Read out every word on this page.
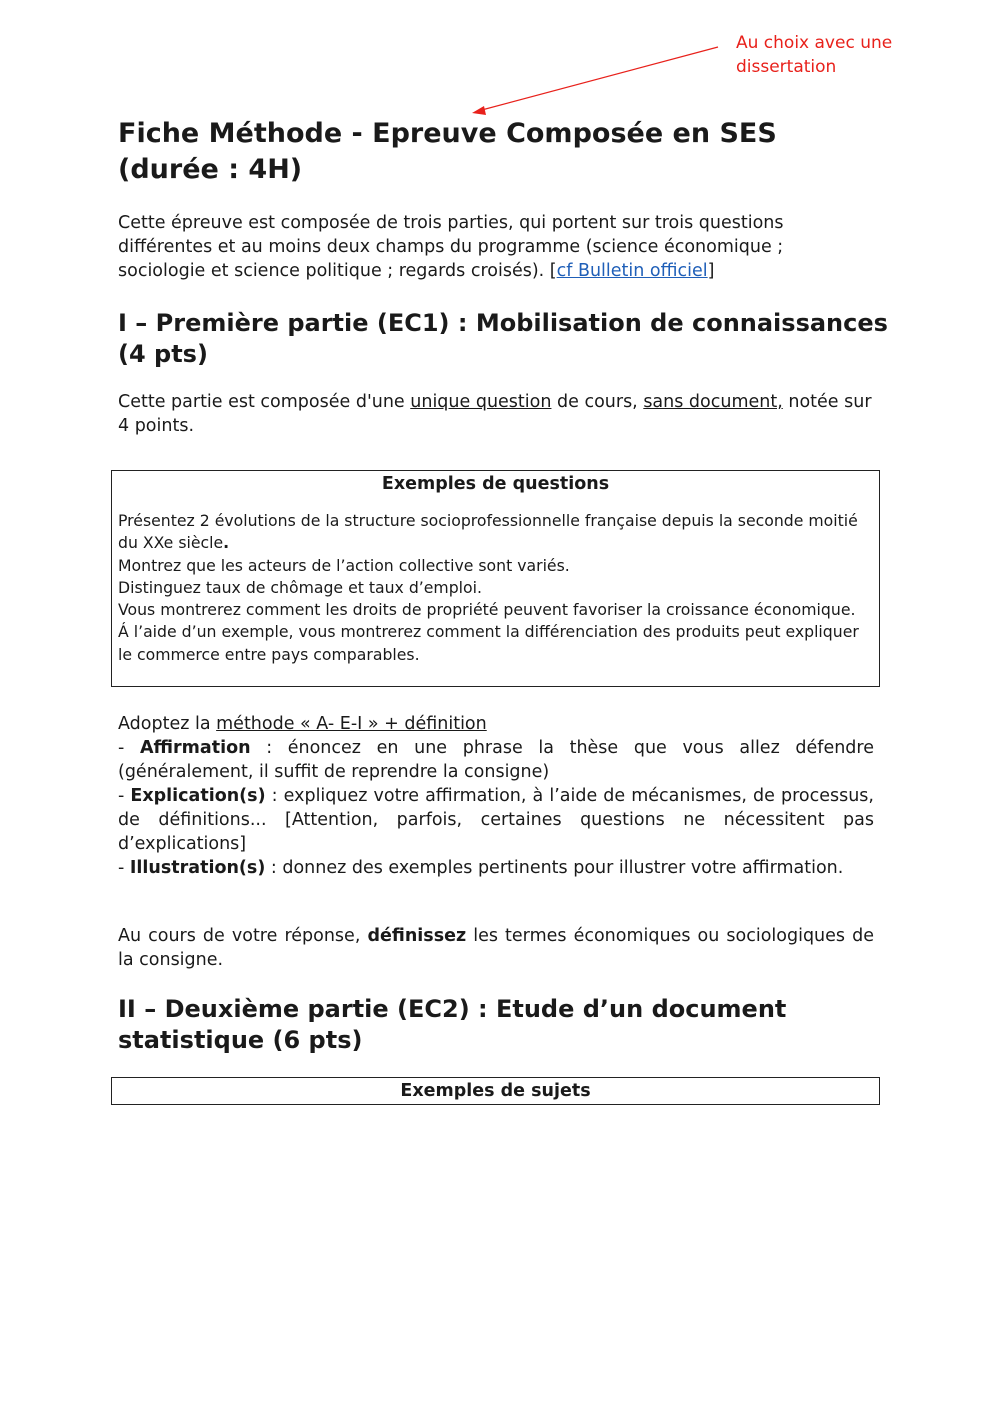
Au choix avec une
dissertation
Fiche Méthode - Epreuve Composée en SES
(durée : 4H)

Cette épreuve est composée de trois parties, qui portent sur trois questions différentes et au moins deux champs du programme (science économique ; sociologie et science politique ; regards croisés). [cf Bulletin officiel]

I – Première partie (EC1) : Mobilisation de connaissances (4 pts)

Cette partie est composée d'une unique question de cours, sans document, notée sur 4 points.

Adoptez la méthode « A- E-I » + définition

- Affirmation : énoncez en une phrase la thèse que vous allez défendre (généralement, il suffit de reprendre la consigne)
- Explication(s) : expliquez votre affirmation, à l’aide de mécanismes, de processus, de définitions... [Attention, parfois, certaines questions ne nécessitent pas d’explications]
- Illustration(s) : donnez des exemples pertinents pour illustrer votre affirmation.

Au cours de votre réponse, définissez les termes économiques ou sociologiques de la consigne.

II – Deuxième partie (EC2) : Etude d’un document statistique (6 pts)
Exemples de questions
Présentez 2 évolutions de la structure socioprofessionnelle française depuis la seconde moitié du XXe siècle.
Montrez que les acteurs de l’action collective sont variés.
Distinguez taux de chômage et taux d’emploi.
Vous montrerez comment les droits de propriété peuvent favoriser la croissance économique.
Á l’aide d’un exemple, vous montrerez comment la différenciation des produits peut expliquer le commerce entre pays comparables.
Exemples de sujets
